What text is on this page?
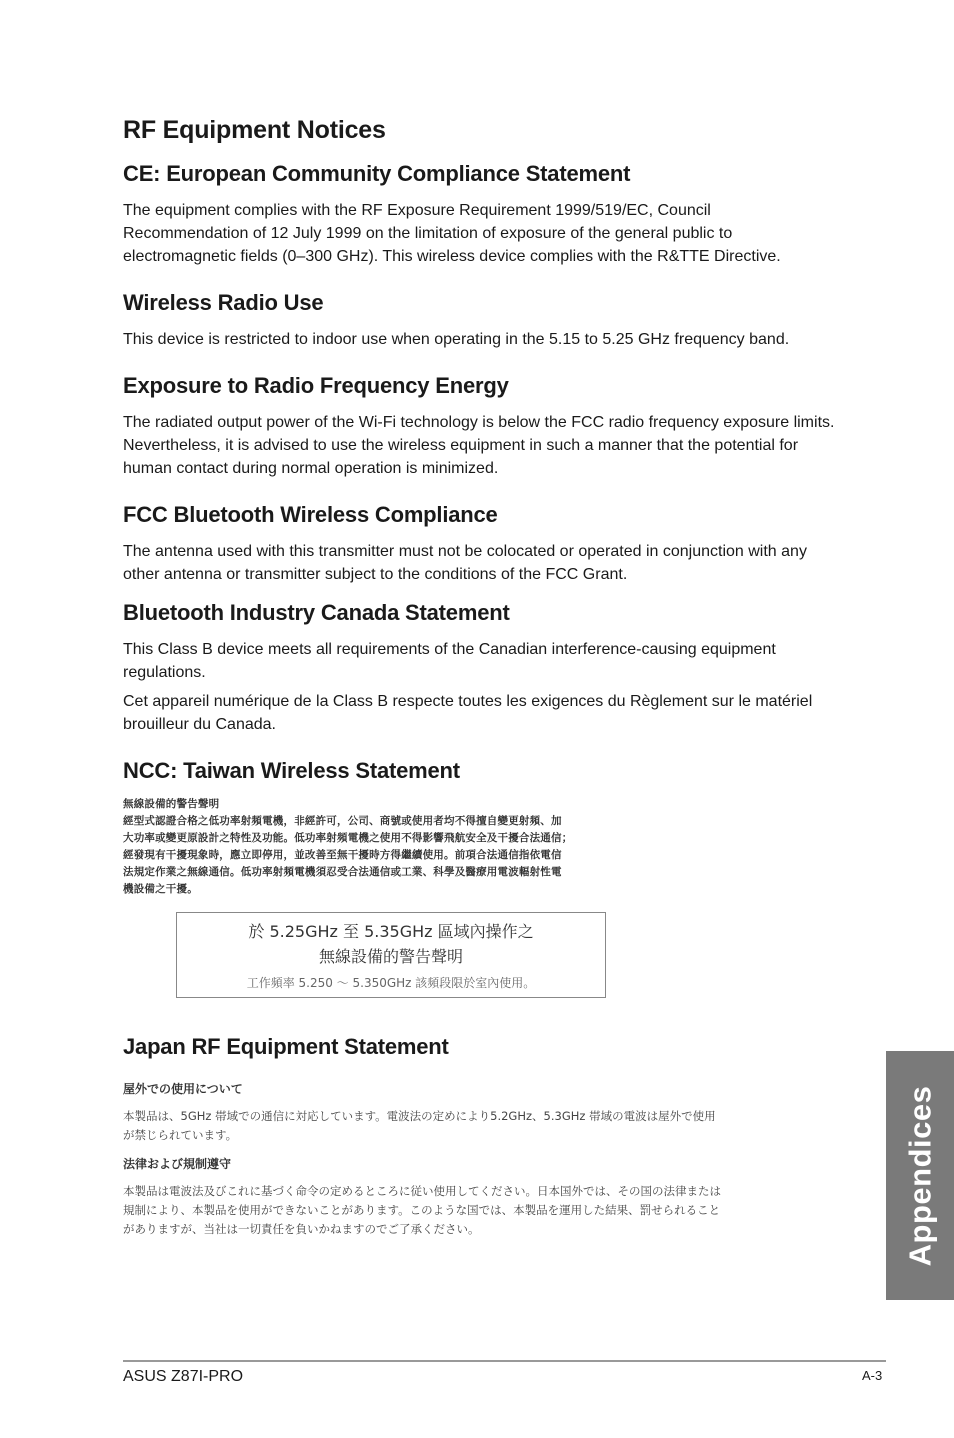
RF Equipment Notices
CE: European Community Compliance Statement

The equipment complies with the RF Exposure Requirement 1999/519/EC, Council Recommendation of 12 July 1999 on the limitation of exposure of the general public to electromagnetic fields (0–300 GHz). This wireless device complies with the R&TTE Directive.

Wireless Radio Use

This device is restricted to indoor use when operating in the 5.15 to 5.25 GHz frequency band.

Exposure to Radio Frequency Energy

The radiated output power of the Wi-Fi technology is below the FCC radio frequency exposure limits. Nevertheless, it is advised to use the wireless equipment in such a manner that the potential for human contact during normal operation is minimized.

FCC Bluetooth Wireless Compliance

The antenna used with this transmitter must not be colocated or operated in conjunction with any other antenna or transmitter subject to the conditions of the FCC Grant.

Bluetooth Industry Canada Statement

This Class B device meets all requirements of the Canadian interference-causing equipment regulations.

Cet appareil numérique de la Class B respecte toutes les exigences du Règlement sur le matériel brouilleur du Canada.

NCC: Taiwan Wireless Statement

無線設備的警告聲明

經型式認證合格之低功率射頻電機，非經許可，公司、商號或使用者均不得擅自變更射頻、加

大功率或變更原設計之特性及功能。低功率射頻電機之使用不得影響飛航安全及干擾合法通信；

經發現有干擾現象時，應立即停用，並改善至無干擾時方得繼續使用。前項合法通信指依電信

法規定作業之無線通信。低功率射頻電機須忍受合法通信或工業、科學及醫療用電波輻射性電

機設備之干擾。

於 5.25GHz 至 5.35GHz 區域內操作之
無線設備的警告聲明
工作頻率 5.250 ～ 5.350GHz 該頻段限於室內使用。
Japan RF Equipment Statement

屋外での使用について

本製品は、5GHz 帯域での通信に対応しています。電波法の定めにより5.2GHz、5.3GHz 帯域の電波は屋外で使用が禁じられています。

法律および規制遵守

本製品は電波法及びこれに基づく命令の定めるところに従い使用してください。日本国外では、その国の法律または規制により、本製品を使用ができないことがあります。このような国では、本製品を運用した結果、罰せられることがありますが、当社は一切責任を負いかねますのでご了承ください。	Appendices
ASUS Z87I-PRO	A-3
